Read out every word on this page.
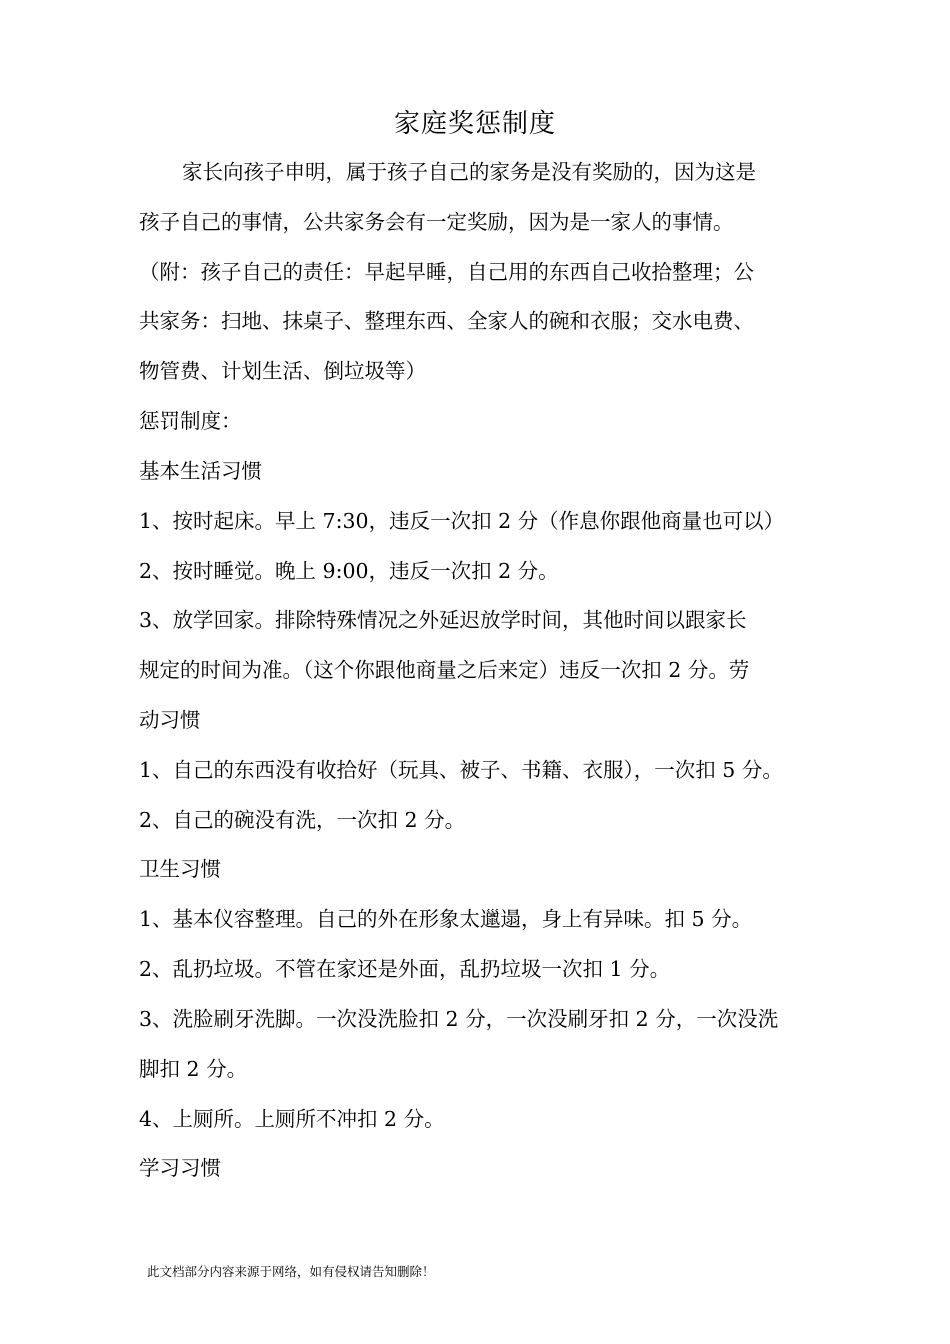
家庭奖惩制度
家长向孩子申明，属于孩子自己的家务是没有奖励的，因为这是
孩子自己的事情，公共家务会有一定奖励，因为是一家人的事情。
（附：孩子自己的责任：早起早睡，自己用的东西自己收拾整理；公
共家务：扫地、抹桌子、整理东西、全家人的碗和衣服；交水电费、
物管费、计划生活、倒垃圾等）
惩罚制度：
基本生活习惯
1、按时起床。早上 7:30，违反一次扣 2 分（作息你跟他商量也可以）
2、按时睡觉。晚上 9:00，违反一次扣 2 分。
3、放学回家。排除特殊情况之外延迟放学时间，其他时间以跟家长
规定的时间为准。（这个你跟他商量之后来定）违反一次扣 2 分。劳
动习惯
1、自己的东西没有收拾好（玩具、被子、书籍、衣服），一次扣 5 分。
2、自己的碗没有洗，一次扣 2 分。
卫生习惯
1、基本仪容整理。自己的外在形象太邋遢，身上有异味。扣 5 分。
2、乱扔垃圾。不管在家还是外面，乱扔垃圾一次扣 1 分。
3、洗脸刷牙洗脚。一次没洗脸扣 2 分，一次没刷牙扣 2 分，一次没洗
脚扣 2 分。
4、上厕所。上厕所不冲扣 2 分。
学习习惯
此文档部分内容来源于网络，如有侵权请告知删除！
